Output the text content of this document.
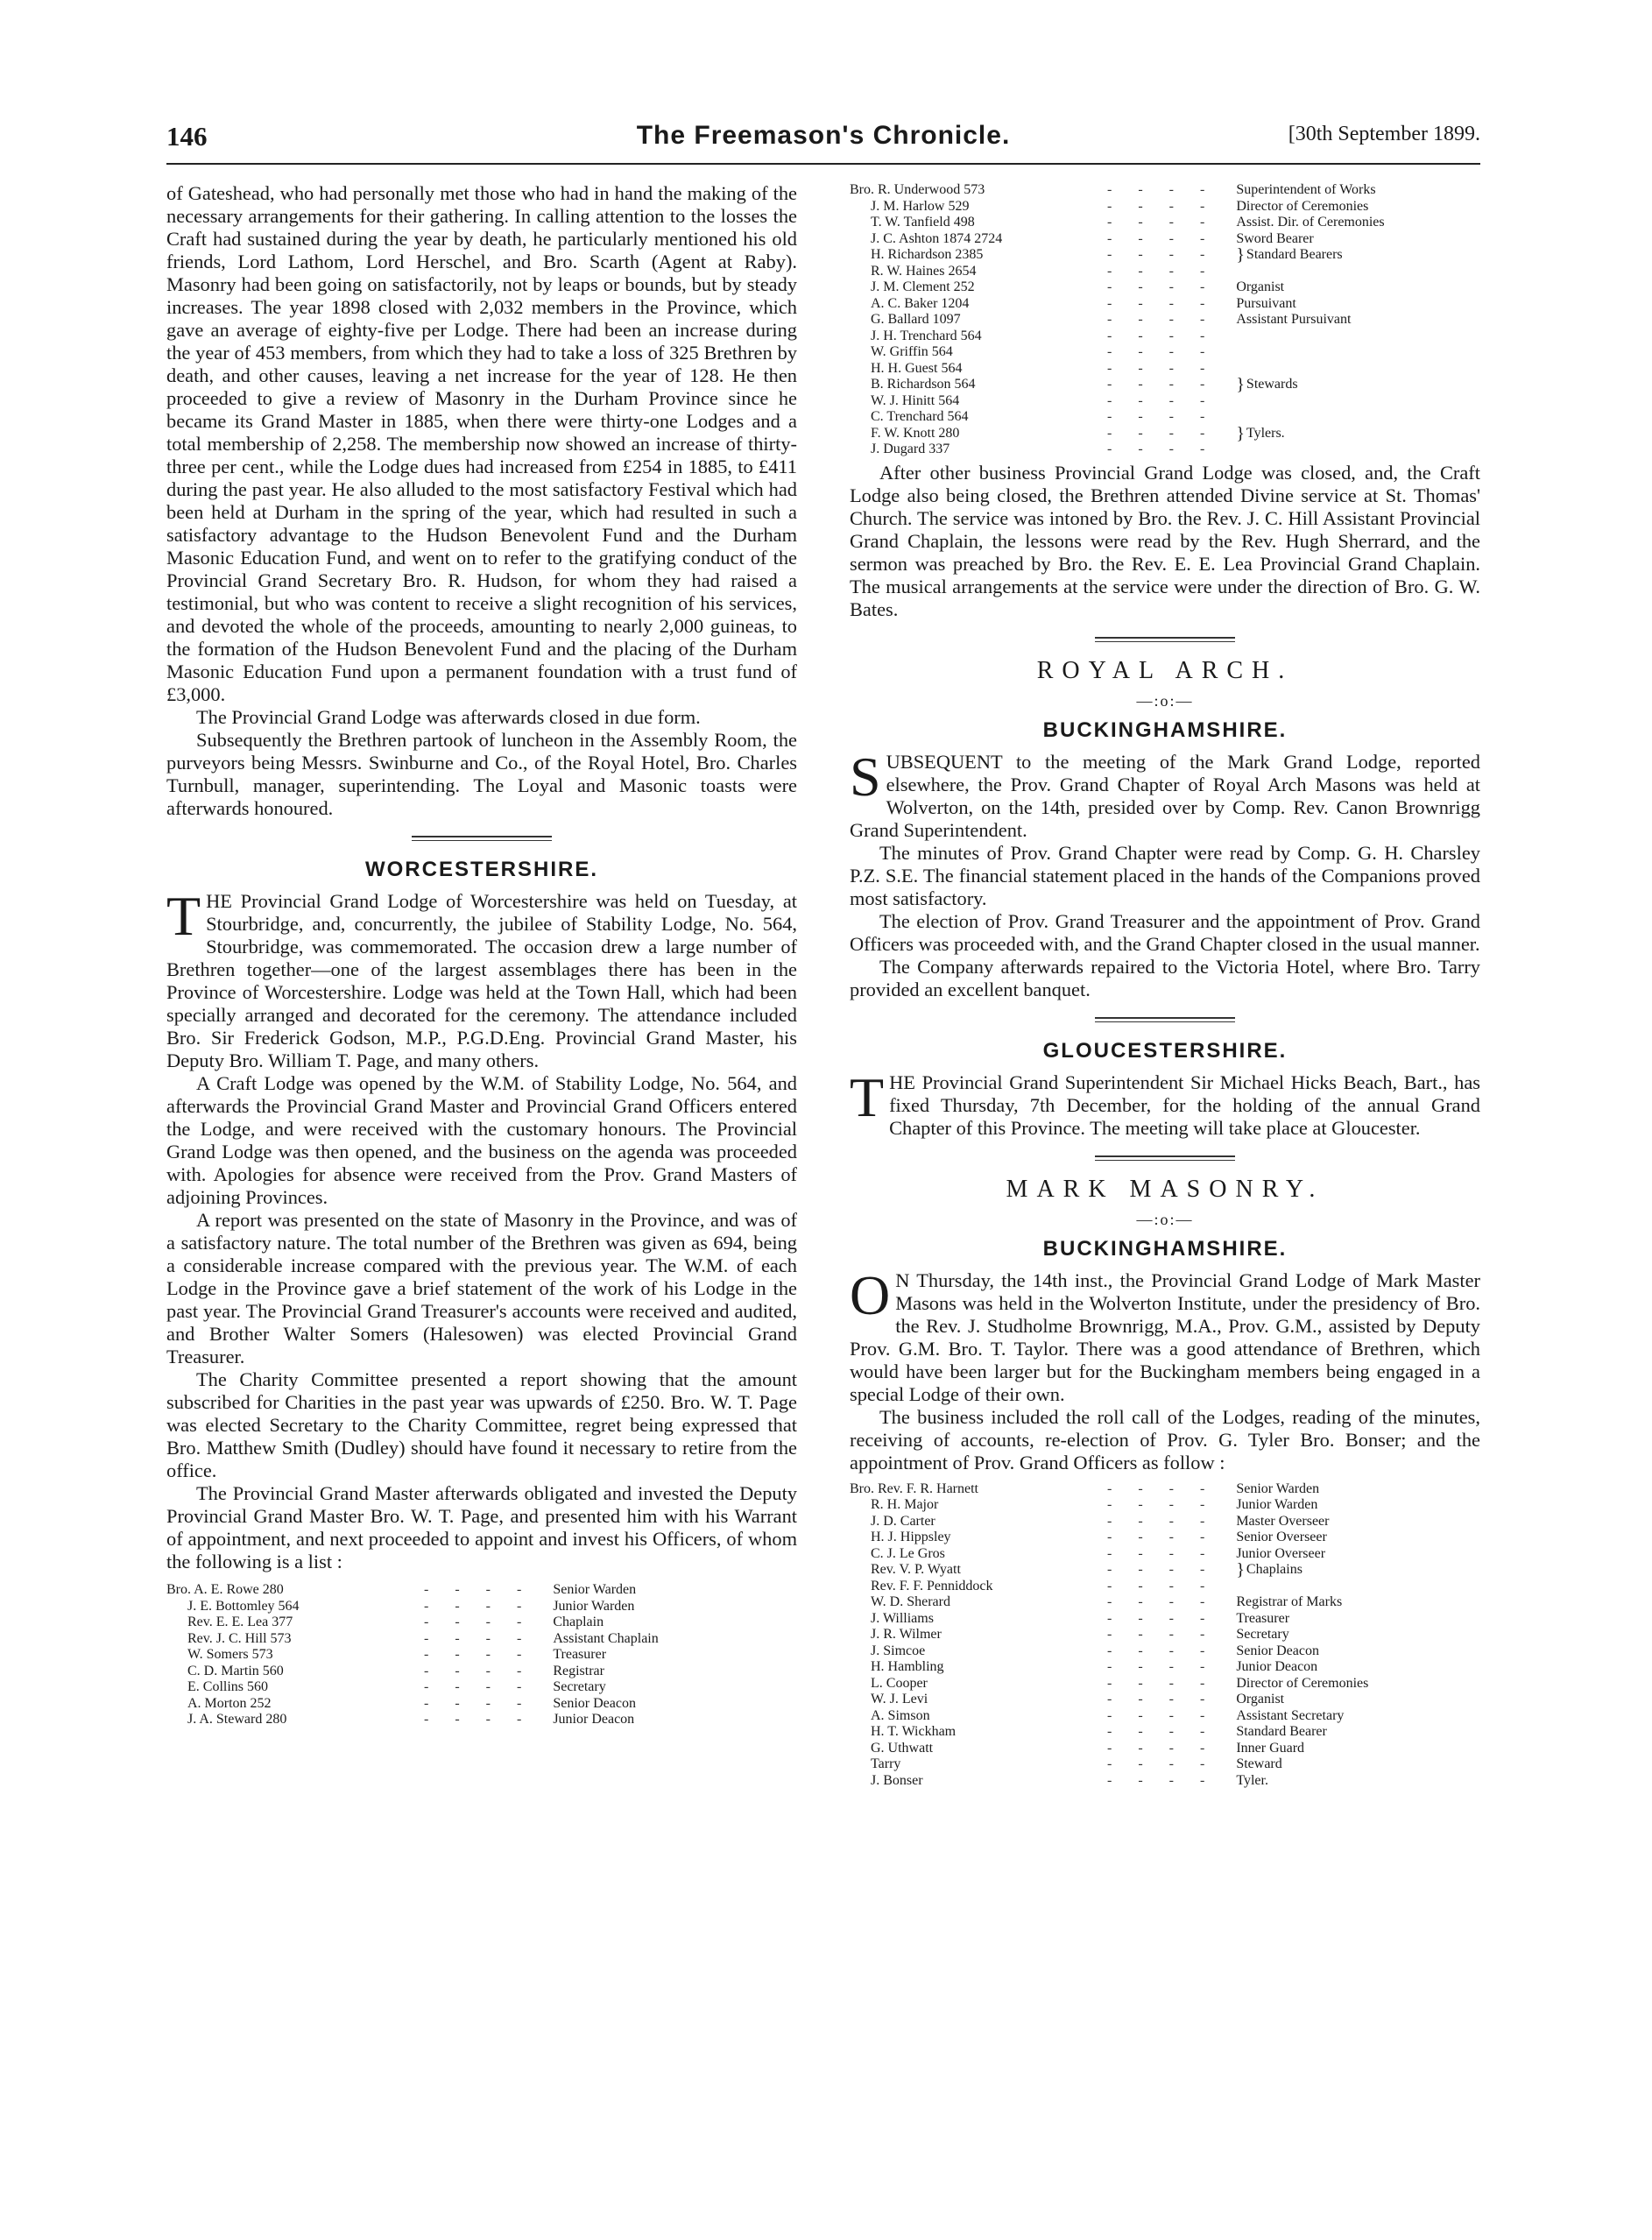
146	The Freemason's Chronicle.	[30th September 1899.

of Gateshead, who had personally met those who had in hand the making of the necessary arrangements for their gathering. In calling attention to the losses the Craft had sustained during the year by death, he particularly mentioned his old friends, Lord Lathom, Lord Herschel, and Bro. Scarth (Agent at Raby). Masonry had been going on satisfactorily, not by leaps or bounds, but by steady increases. The year 1898 closed with 2,032 members in the Province, which gave an average of eighty-five per Lodge. There had been an increase during the year of 453 members, from which they had to take a loss of 325 Brethren by death, and other causes, leaving a net increase for the year of 128. He then proceeded to give a review of Masonry in the Durham Province since he became its Grand Master in 1885, when there were thirty-one Lodges and a total membership of 2,258. The membership now showed an increase of thirty-three per cent., while the Lodge dues had increased from £254 in 1885, to £411 during the past year. He also alluded to the most satisfactory Festival which had been held at Durham in the spring of the year, which had resulted in such a satisfactory advantage to the Hudson Benevolent Fund and the Durham Masonic Education Fund, and went on to refer to the gratifying conduct of the Provincial Grand Secretary Bro. R. Hudson, for whom they had raised a testimonial, but who was content to receive a slight recognition of his services, and devoted the whole of the proceeds, amounting to nearly 2,000 guineas, to the formation of the Hudson Benevolent Fund and the placing of the Durham Masonic Education Fund upon a permanent foundation with a trust fund of £3,000.

The Provincial Grand Lodge was afterwards closed in due form.

Subsequently the Brethren partook of luncheon in the Assembly Room, the purveyors being Messrs. Swinburne and Co., of the Royal Hotel, Bro. Charles Turnbull, manager, superintending. The Loyal and Masonic toasts were afterwards honoured.

WORCESTERSHIRE.

THE Provincial Grand Lodge of Worcestershire was held on Tuesday, at Stourbridge, and, concurrently, the jubilee of Stability Lodge, No. 564, Stourbridge, was commemorated. The occasion drew a large number of Brethren together—one of the largest assemblages there has been in the Province of Worcestershire. Lodge was held at the Town Hall, which had been specially arranged and decorated for the ceremony. The attendance included Bro. Sir Frederick Godson, M.P., P.G.D.Eng. Provincial Grand Master, his Deputy Bro. William T. Page, and many others.

A Craft Lodge was opened by the W.M. of Stability Lodge, No. 564, and afterwards the Provincial Grand Master and Provincial Grand Officers entered the Lodge, and were received with the customary honours. The Provincial Grand Lodge was then opened, and the business on the agenda was proceeded with. Apologies for absence were received from the Prov. Grand Masters of adjoining Provinces.

A report was presented on the state of Masonry in the Province, and was of a satisfactory nature. The total number of the Brethren was given as 694, being a considerable increase compared with the previous year. The W.M. of each Lodge in the Province gave a brief statement of the work of his Lodge in the past year. The Provincial Grand Treasurer's accounts were received and audited, and Brother Walter Somers (Halesowen) was elected Provincial Grand Treasurer.

The Charity Committee presented a report showing that the amount subscribed for Charities in the past year was upwards of £250. Bro. W. T. Page was elected Secretary to the Charity Committee, regret being expressed that Bro. Matthew Smith (Dudley) should have found it necessary to retire from the office.

The Provincial Grand Master afterwards obligated and invested the Deputy Provincial Grand Master Bro. W. T. Page, and presented him with his Warrant of appointment, and next proceeded to appoint and invest his Officers, of whom the following is a list :

Bro. A. E. Rowe 280	----	Senior Warden
J. E. Bottomley 564	----	Junior Warden
Rev. E. E. Lea 377	----	Chaplain
Rev. J. C. Hill 573	----	Assistant Chaplain
W. Somers 573	----	Treasurer
C. D. Martin 560	----	Registrar
E. Collins 560	----	Secretary
A. Morton 252	----	Senior Deacon
J. A. Steward 280	----	Junior Deacon
Bro. R. Underwood 573	----	Superintendent of Works
J. M. Harlow 529	----	Director of Ceremonies
T. W. Tanfield 498	----	Assist. Dir. of Ceremonies
J. C. Ashton 1874 2724	----	Sword Bearer
H. Richardson 2385	----	} Standard Bearers
R. W. Haines 2654	----	
J. M. Clement 252	----	Organist
A. C. Baker 1204	----	Pursuivant
G. Ballard 1097	----	Assistant Pursuivant
J. H. Trenchard 564	----	
W. Griffin 564	----	
H. H. Guest 564	----	
B. Richardson 564	----	} Stewards
W. J. Hinitt 564	----	
C. Trenchard 564	----	
F. W. Knott 280	----	} Tylers.
J. Dugard 337	----	

After other business Provincial Grand Lodge was closed, and, the Craft Lodge also being closed, the Brethren attended Divine service at St. Thomas' Church. The service was intoned by Bro. the Rev. J. C. Hill Assistant Provincial Grand Chaplain, the lessons were read by the Rev. Hugh Sherrard, and the sermon was preached by Bro. the Rev. E. E. Lea Provincial Grand Chaplain. The musical arrangements at the service were under the direction of Bro. G. W. Bates.

ROYAL ARCH.
—:o:—
BUCKINGHAMSHIRE.

SUBSEQUENT to the meeting of the Mark Grand Lodge, reported elsewhere, the Prov. Grand Chapter of Royal Arch Masons was held at Wolverton, on the 14th, presided over by Comp. Rev. Canon Brownrigg Grand Superintendent.

The minutes of Prov. Grand Chapter were read by Comp. G. H. Charsley P.Z. S.E. The financial statement placed in the hands of the Companions proved most satisfactory.

The election of Prov. Grand Treasurer and the appointment of Prov. Grand Officers was proceeded with, and the Grand Chapter closed in the usual manner.

The Company afterwards repaired to the Victoria Hotel, where Bro. Tarry provided an excellent banquet.

GLOUCESTERSHIRE.

THE Provincial Grand Superintendent Sir Michael Hicks Beach, Bart., has fixed Thursday, 7th December, for the holding of the annual Grand Chapter of this Province. The meeting will take place at Gloucester.

MARK MASONRY.
—:o:—
BUCKINGHAMSHIRE.

O N Thursday, the 14th inst., the Provincial Grand Lodge of Mark Master Masons was held in the Wolverton Institute, under the presidency of Bro. the Rev. J. Studholme Brownrigg, M.A., Prov. G.M., assisted by Deputy Prov. G.M. Bro. T. Taylor. There was a good attendance of Brethren, which would have been larger but for the Buckingham members being engaged in a special Lodge of their own.

The business included the roll call of the Lodges, reading of the minutes, receiving of accounts, re-election of Prov. G. Tyler Bro. Bonser; and the appointment of Prov. Grand Officers as follow :

Bro. Rev. F. R. Harnett	----	Senior Warden
R. H. Major	----	Junior Warden
J. D. Carter	----	Master Overseer
H. J. Hippsley	----	Senior Overseer
C. J. Le Gros	----	Junior Overseer
Rev. V. P. Wyatt	----	} Chaplains
Rev. F. F. Penniddock	----	
W. D. Sherard	----	Registrar of Marks
J. Williams	----	Treasurer
J. R. Wilmer	----	Secretary
J. Simcoe	----	Senior Deacon
H. Hambling	----	Junior Deacon
L. Cooper	----	Director of Ceremonies
W. J. Levi	----	Organist
A. Simson	----	Assistant Secretary
H. T. Wickham	----	Standard Bearer
G. Uthwatt	----	Inner Guard
Tarry	----	Steward
J. Bonser	----	Tyler.
